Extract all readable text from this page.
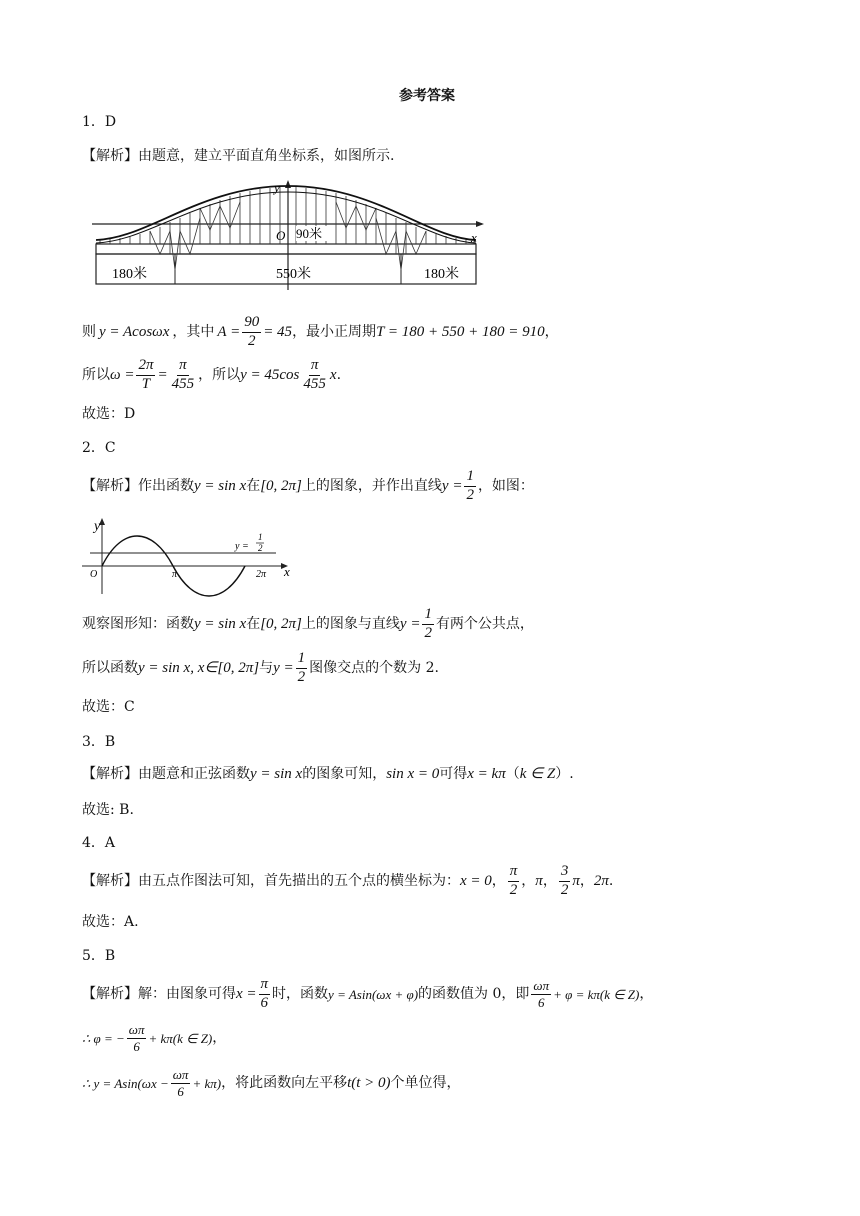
参考答案
1．D
【解析】由题意，建立平面直角坐标系，如图所示.
y
x
O 90米
180米	550米	180米
则 y = Acosωx ，其中 $A = \frac{90}{2} = 45$ ，最小正周期 T = 180 + 550 + 180 = 910 ，
所以 $\omega = \frac{2\pi}{T} = \frac{\pi}{455}$ ，所以 $y = 45\cos \frac{\pi}{455}$ x .
故选：D
2．C
【解析】作出函数 y = sin x 在 [0, 2π] 上的图象，并作出直线 $y = \frac{1}{2}$ ，如图：
y
x
O	π	2π
y =
1
2
观察图形知：函数 y = sin x 在 [0, 2π] 上的图象与直线 $y = \frac{1}{2}$ 有两个公共点，
所以函数 y = sin x, x∈[0, 2π] 与 $y = \frac{1}{2}$ 图像交点的个数为 2.
故选：C
3．B
【解析】由题意和正弦函数 y = sin x 的图象可知， sin x = 0 可得 x = kπ （ k ∈ Z ）.
故选: B.
4．A
【解析】由五点作图法可知，首先描出的五个点的横坐标为： x = 0 ， $\frac{\pi}{2}$ ， π ， $\frac{3}{2}$ π ， 2π .
故选：A.
5．B
【解析】解：由图象可得 $x = \frac{\pi}{6}$ 时，函数 y = Asin(ωx + φ) 的函数值为 0，即 $\frac{\omega\pi}{6} + \varphi = k\pi(k$ ∈ Z) ，
∴ φ = − $\frac{\omega\pi}{6} + k\pi(k$ ∈ Z) ，
∴ $y = Asin(\omega x - \frac{\omega\pi}{6} + k\pi)$ ，将此函数向左平移 t (t > 0) 个单位得，
